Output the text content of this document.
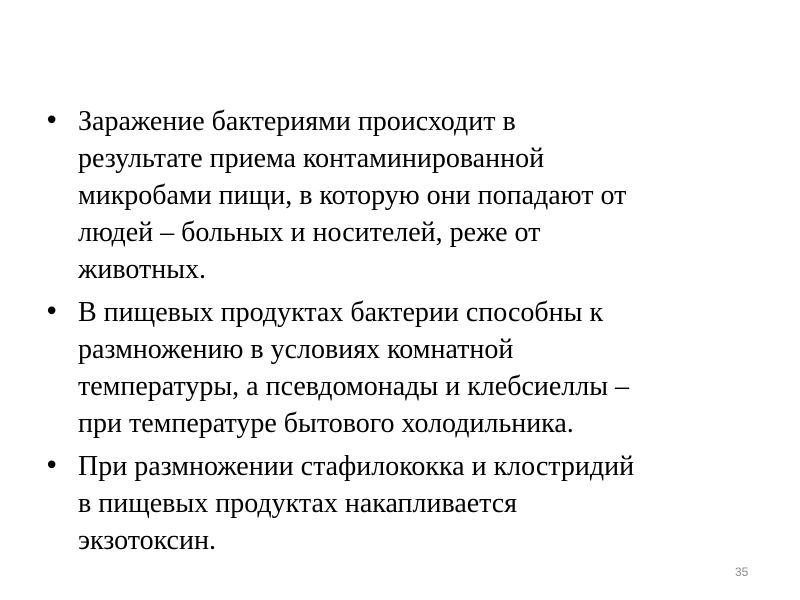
• Заражение бактериями происходит в
результате приема контаминированной
микробами пищи, в которую они попадают от
людей – больных и носителей, реже от
животных.
• В пищевых продуктах бактерии способны к
размножению в условиях комнатной
температуры, а псевдомонады и клебсиеллы –
при температуре бытового холодильника.
• При размножении стафилококка и клостридий
в пищевых продуктах накапливается
экзотоксин.
35
